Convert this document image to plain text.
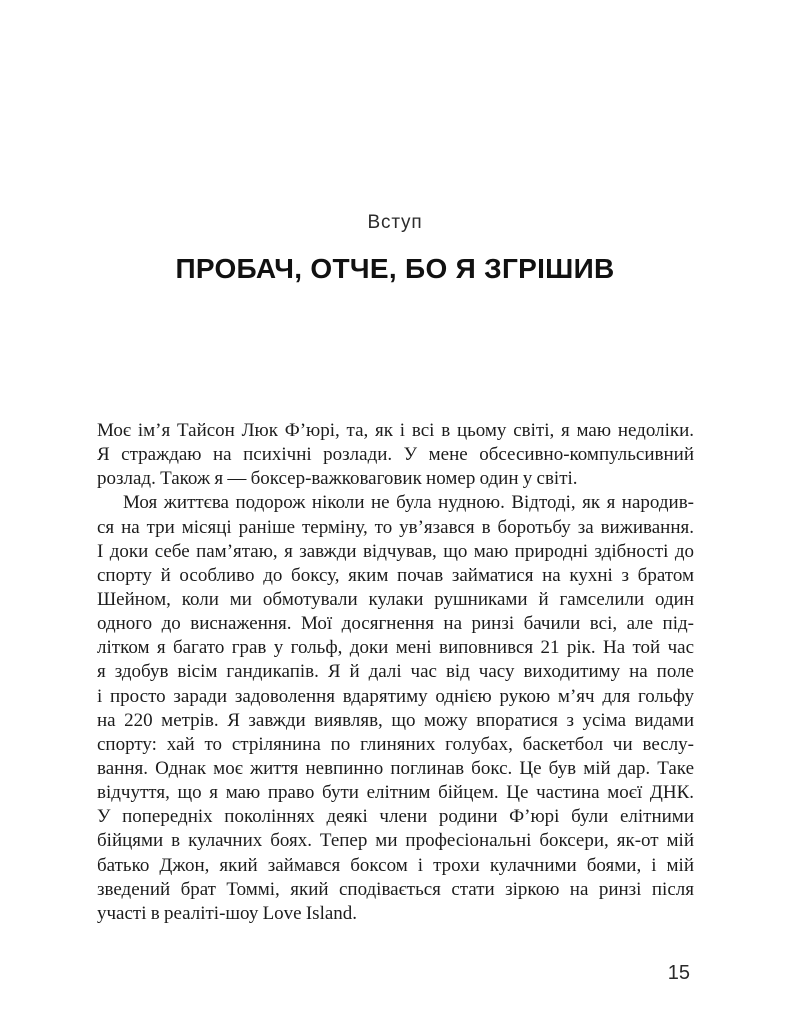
Вступ
ПРОБАЧ, ОТЧЕ, БО Я ЗГРІШИВ
Моє ім’я Тайсон Люк Ф’юрі, та, як і всі в цьому світі, я маю недоліки.
Я страждаю на психічні розлади. У мене обсесивно-компульсивний
розлад. Також я — боксер-важковаговик номер один у світі.
Моя життєва подорож ніколи не була нудною. Відтоді, як я народив-
ся на три місяці раніше терміну, то ув’язався в боротьбу за виживання.
І доки себе пам’ятаю, я завжди відчував, що маю природні здібності до
спорту й особливо до боксу, яким почав займатися на кухні з братом
Шейном, коли ми обмотували кулаки рушниками й гамселили один
одного до виснаження. Мої досягнення на ринзі бачили всі, але під-
літком я багато грав у гольф, доки мені виповнився 21 рік. На той час
я здобув вісім гандикапів. Я й далі час від часу виходитиму на поле
і просто заради задоволення вдарятиму однією рукою м’яч для гольфу
на 220 метрів. Я завжди виявляв, що можу впоратися з усіма видами
спорту: хай то стрілянина по глиняних голубах, баскетбол чи веслу-
вання. Однак моє життя невпинно поглинав бокс. Це був мій дар. Таке
відчуття, що я маю право бути елітним бійцем. Це частина моєї ДНК.
У попередніх поколіннях деякі члени родини Ф’юрі були елітними
бійцями в кулачних боях. Тепер ми професіональні боксери, як-от мій
батько Джон, який займався боксом і трохи кулачними боями, і мій
зведений брат Томмі, який сподівається стати зіркою на ринзі після
участі в реаліті-шоу Love Island.
15
